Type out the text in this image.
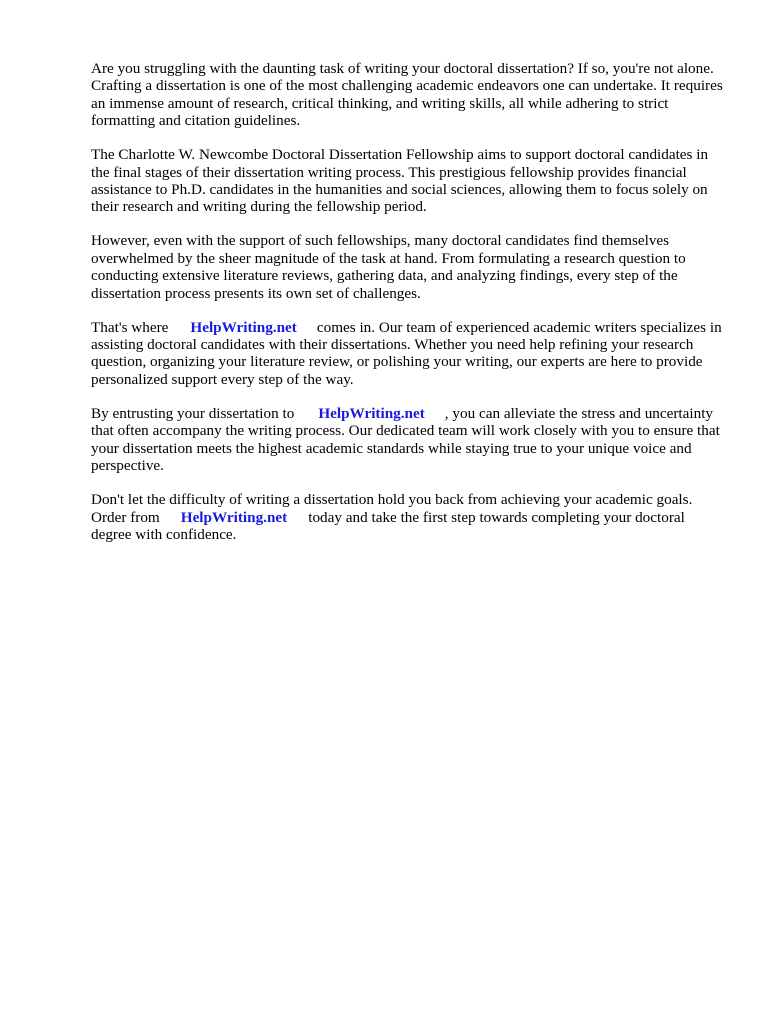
Are you struggling with the daunting task of writing your doctoral dissertation? If so, you're not alone. Crafting a dissertation is one of the most challenging academic endeavors one can undertake. It requires an immense amount of research, critical thinking, and writing skills, all while adhering to strict formatting and citation guidelines.

The Charlotte W. Newcombe Doctoral Dissertation Fellowship aims to support doctoral candidates in the final stages of their dissertation writing process. This prestigious fellowship provides financial assistance to Ph.D. candidates in the humanities and social sciences, allowing them to focus solely on their research and writing during the fellowship period.

However, even with the support of such fellowships, many doctoral candidates find themselves overwhelmed by the sheer magnitude of the task at hand. From formulating a research question to conducting extensive literature reviews, gathering data, and analyzing findings, every step of the dissertation process presents its own set of challenges.

That's where HelpWriting.net comes in. Our team of experienced academic writers specializes in assisting doctoral candidates with their dissertations. Whether you need help refining your research question, organizing your literature review, or polishing your writing, our experts are here to provide personalized support every step of the way.

By entrusting your dissertation to HelpWriting.net , you can alleviate the stress and uncertainty that often accompany the writing process. Our dedicated team will work closely with you to ensure that your dissertation meets the highest academic standards while staying true to your unique voice and perspective.

Don't let the difficulty of writing a dissertation hold you back from achieving your academic goals. Order from HelpWriting.net today and take the first step towards completing your doctoral degree with confidence.
